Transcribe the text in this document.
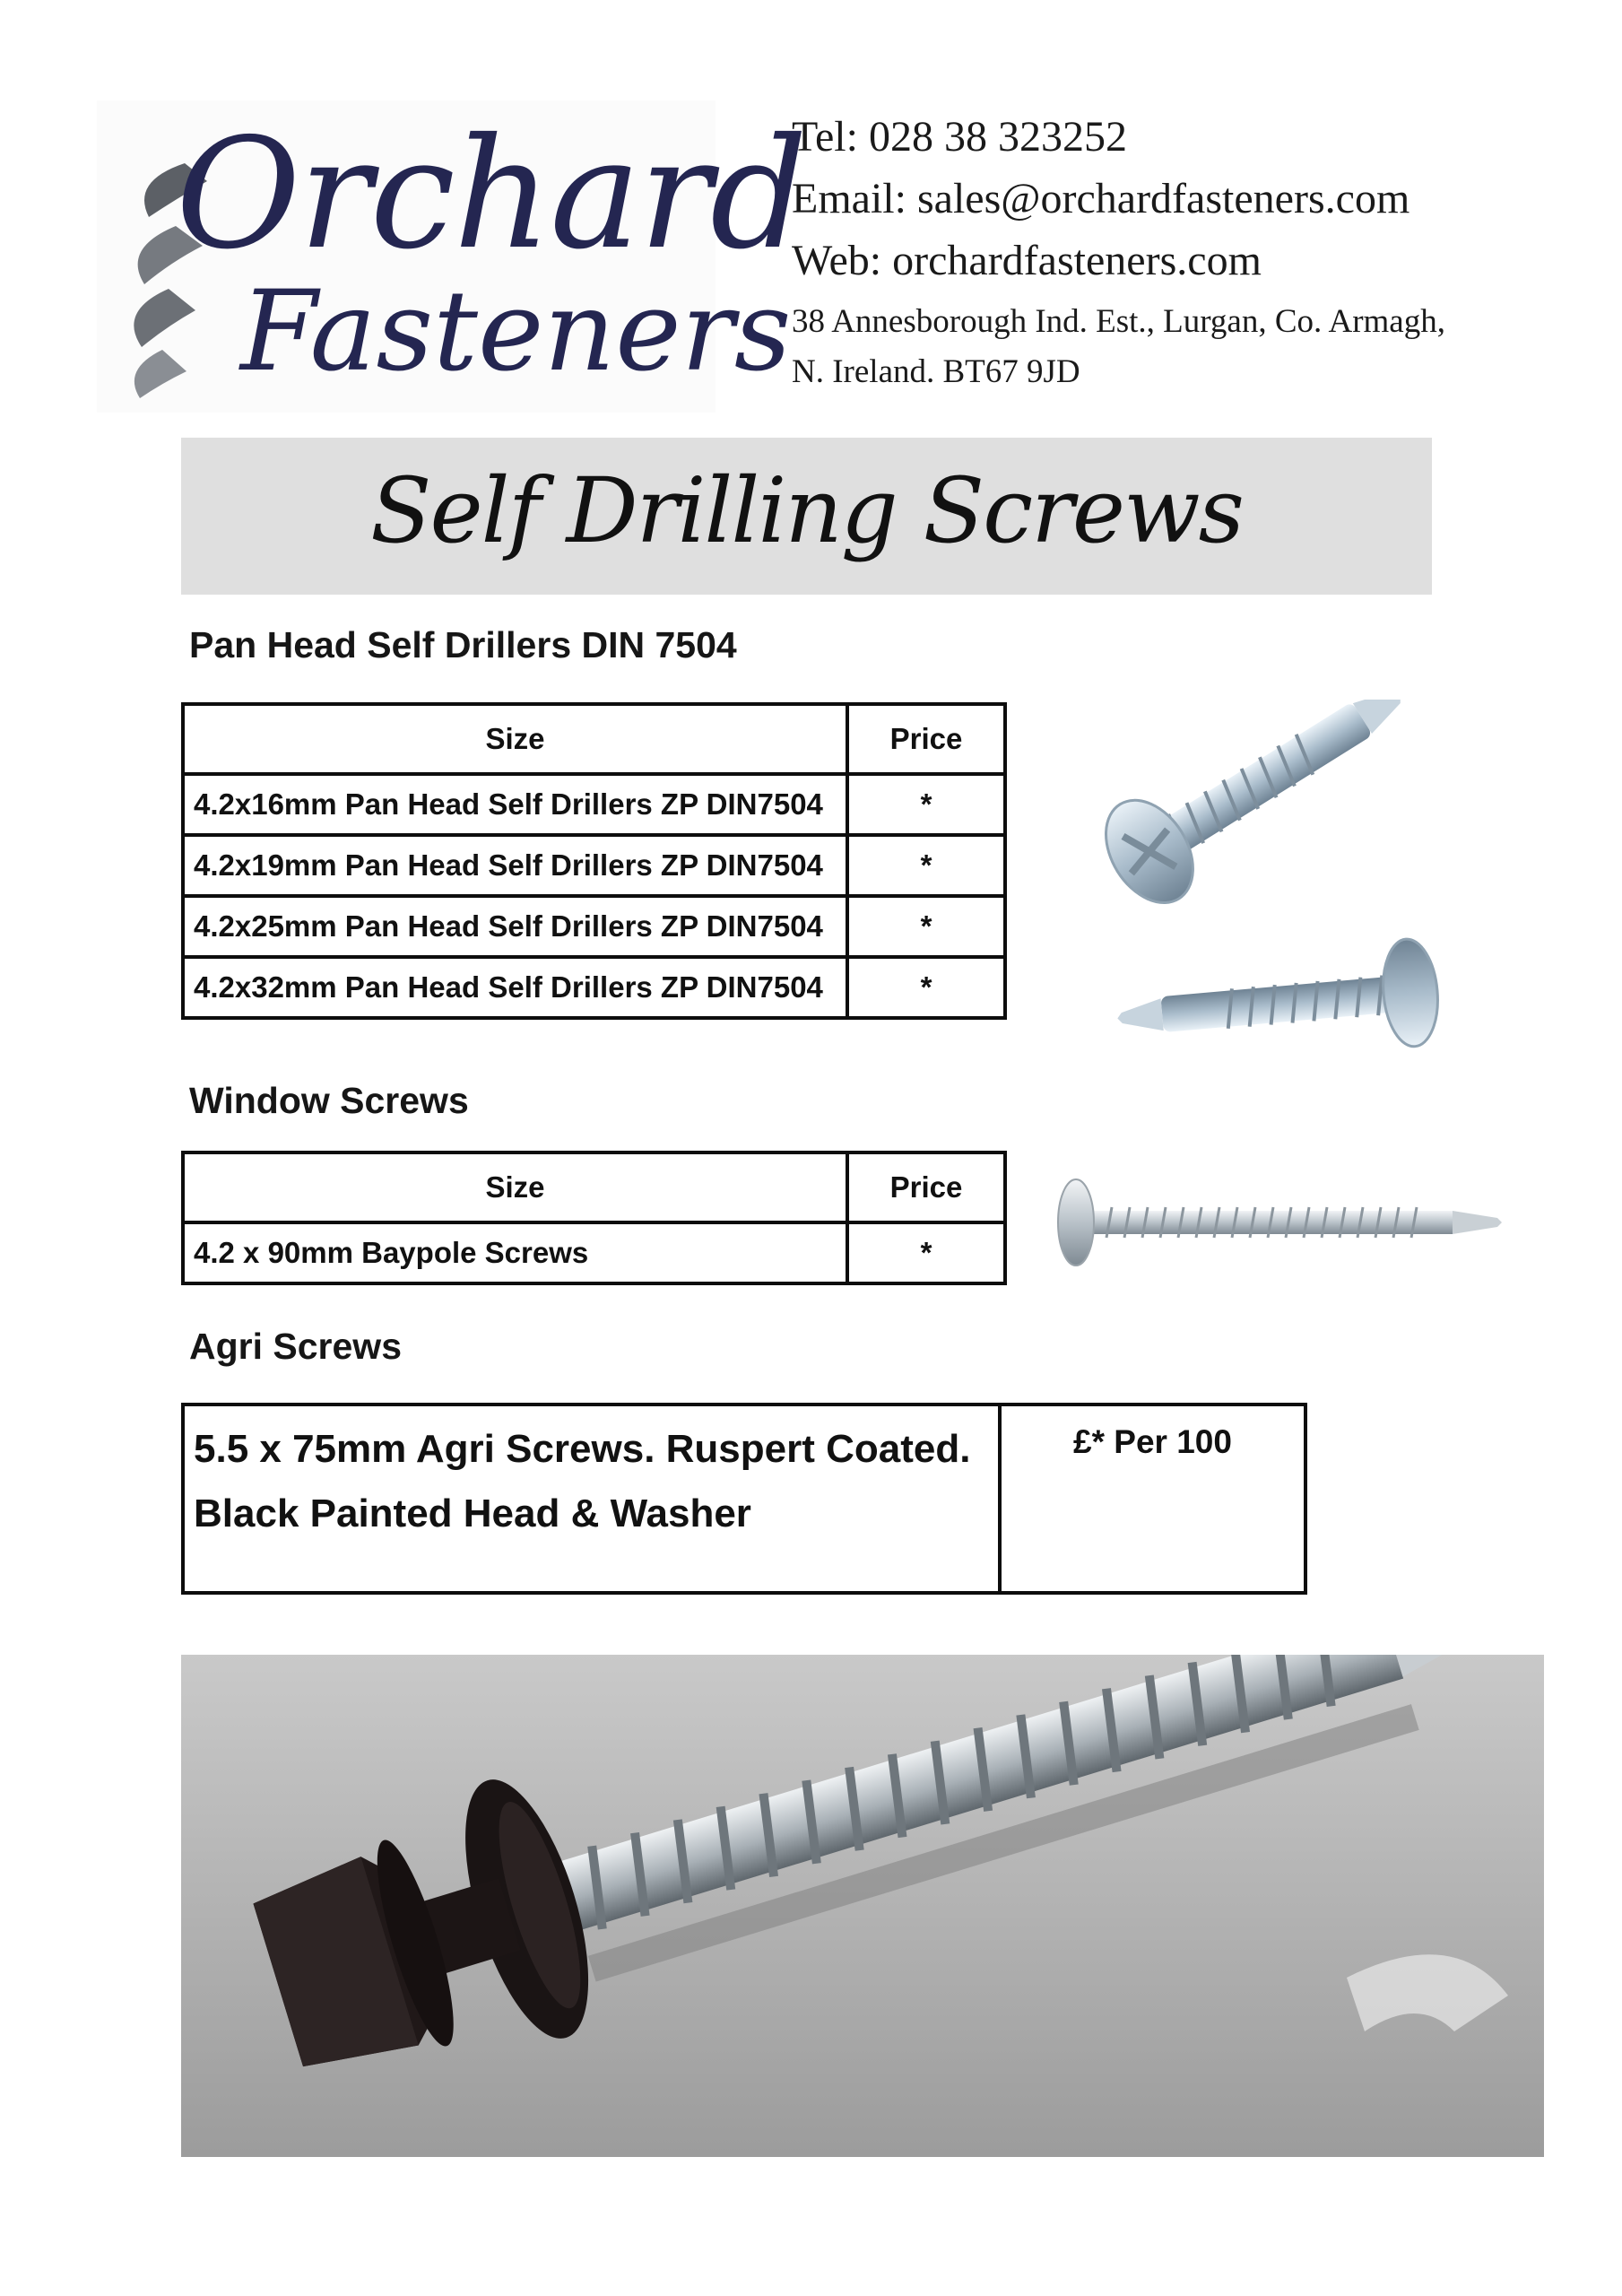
Orchard
Fasteners
Tel: 028 38 323252
Email: sales@orchardfasteners.com
Web: orchardfasteners.com
38 Annesborough Ind. Est., Lurgan, Co. Armagh,
N. Ireland. BT67 9JD
Self Drilling Screws
Pan Head Self Drillers DIN 7504
Size	Price
4.2x16mm Pan Head Self Drillers ZP DIN7504	*
4.2x19mm Pan Head Self Drillers ZP DIN7504	*
4.2x25mm Pan Head Self Drillers ZP DIN7504	*
4.2x32mm Pan Head Self Drillers ZP DIN7504	*
Window Screws
Size	Price
4.2 x 90mm Baypole Screws	*
Agri Screws
5.5 x 75mm Agri Screws. Ruspert Coated.
Black Painted Head & Washer
	£* Per 100
